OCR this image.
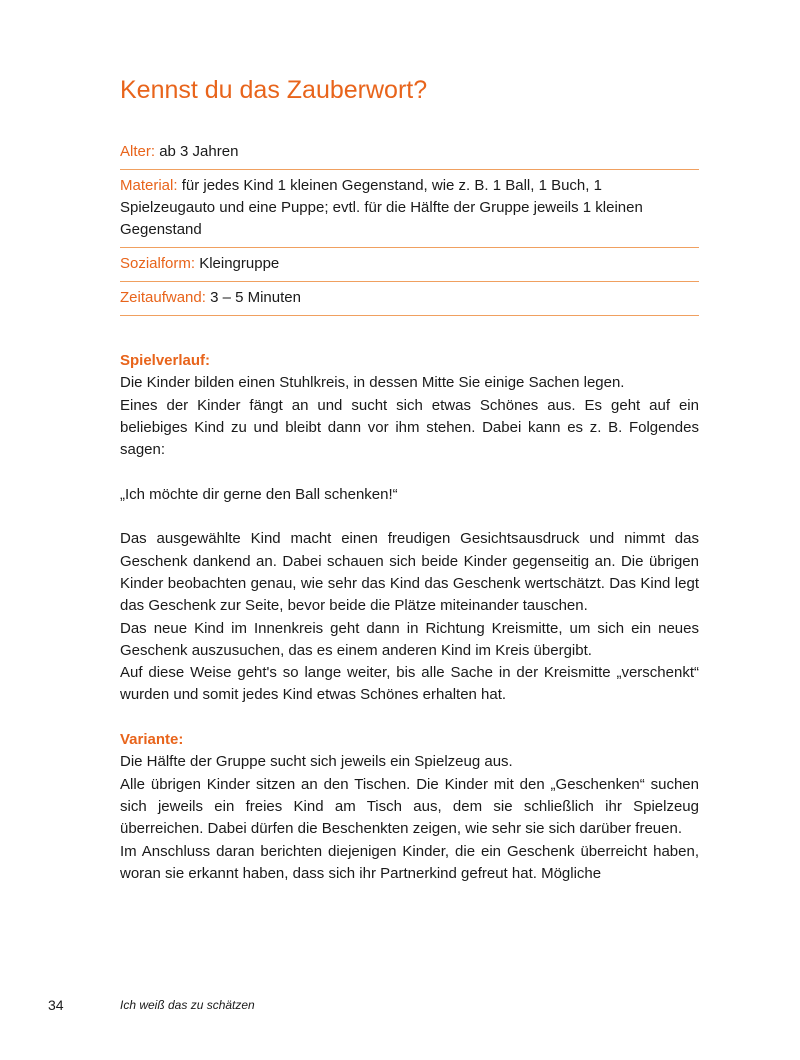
Kennst du das Zauberwort?
Alter: ab 3 Jahren
Material: für jedes Kind 1 kleinen Gegenstand, wie z. B. 1 Ball, 1 Buch, 1 Spielzeugauto und eine Puppe; evtl. für die Hälfte der Gruppe jeweils 1 kleinen Gegenstand
Sozialform: Kleingruppe
Zeitaufwand: 3 – 5 Minuten

Spielverlauf:

Die Kinder bilden einen Stuhlkreis, in dessen Mitte Sie einige Sachen legen.

Eines der Kinder fängt an und sucht sich etwas Schönes aus. Es geht auf ein beliebiges Kind zu und bleibt dann vor ihm stehen. Dabei kann es z. B. Folgendes sagen:

„Ich möchte dir gerne den Ball schenken!“

Das ausgewählte Kind macht einen freudigen Gesichtsausdruck und nimmt das Geschenk dankend an. Dabei schauen sich beide Kinder gegenseitig an. Die übrigen Kinder beobachten genau, wie sehr das Kind das Geschenk wertschätzt. Das Kind legt das Geschenk zur Seite, bevor beide die Plätze miteinander tauschen.

Das neue Kind im Innenkreis geht dann in Richtung Kreismitte, um sich ein neues Geschenk auszusuchen, das es einem anderen Kind im Kreis übergibt.

Auf diese Weise geht's so lange weiter, bis alle Sache in der Kreismitte „verschenkt“ wurden und somit jedes Kind etwas Schönes erhalten hat.

Variante:

Die Hälfte der Gruppe sucht sich jeweils ein Spielzeug aus.

Alle übrigen Kinder sitzen an den Tischen. Die Kinder mit den „Geschenken“ suchen sich jeweils ein freies Kind am Tisch aus, dem sie schließlich ihr Spielzeug überreichen. Dabei dürfen die Beschenkten zeigen, wie sehr sie sich darüber freuen.

Im Anschluss daran berichten diejenigen Kinder, die ein Geschenk überreicht haben, woran sie erkannt haben, dass sich ihr Partnerkind gefreut hat. Mögliche

34	Ich weiß das zu schätzen
